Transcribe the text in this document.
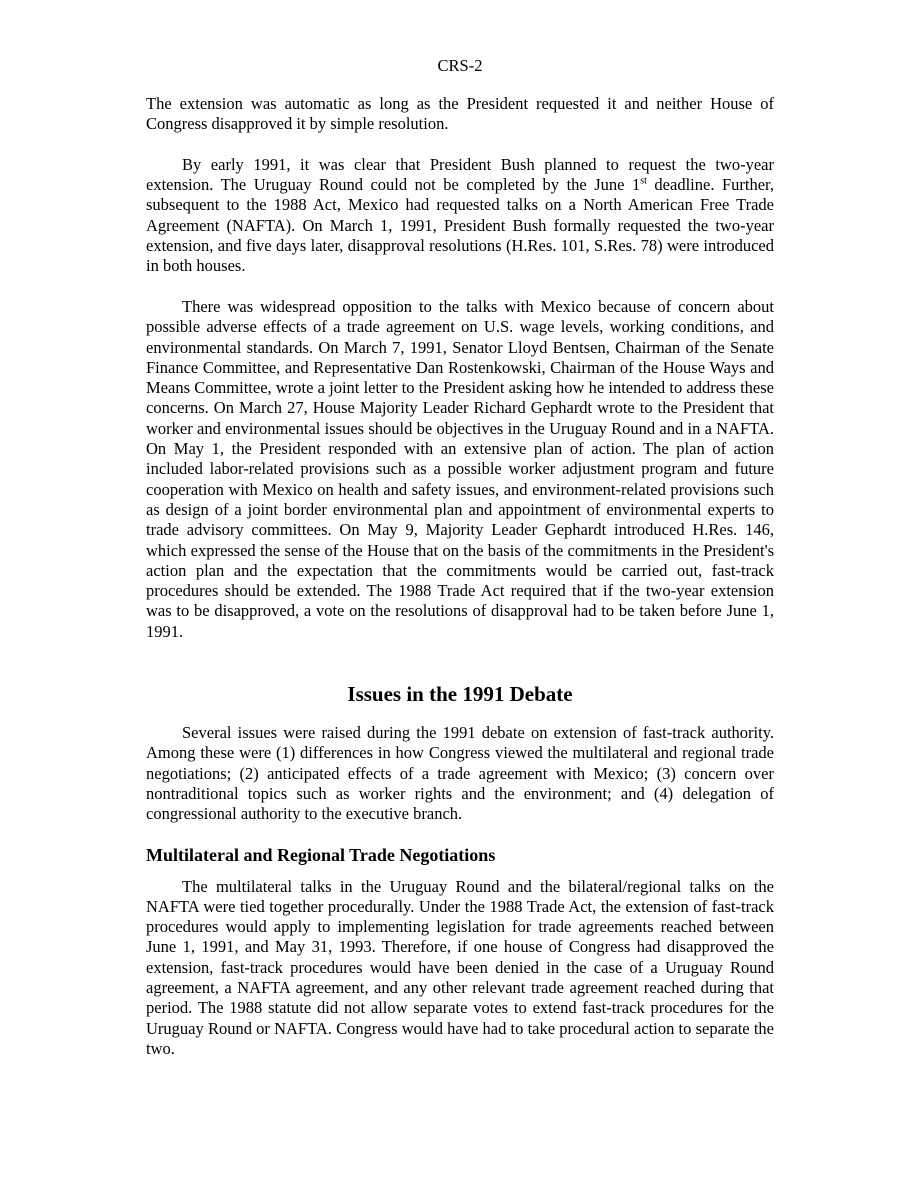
CRS-2

The extension was automatic as long as the President requested it and neither House of Congress disapproved it by simple resolution.

By early 1991, it was clear that President Bush planned to request the two-year extension. The Uruguay Round could not be completed by the June 1st deadline. Further, subsequent to the 1988 Act, Mexico had requested talks on a North American Free Trade Agreement (NAFTA). On March 1, 1991, President Bush formally requested the two-year extension, and five days later, disapproval resolutions (H.Res. 101, S.Res. 78) were introduced in both houses.

There was widespread opposition to the talks with Mexico because of concern about possible adverse effects of a trade agreement on U.S. wage levels, working conditions, and environmental standards. On March 7, 1991, Senator Lloyd Bentsen, Chairman of the Senate Finance Committee, and Representative Dan Rostenkowski, Chairman of the House Ways and Means Committee, wrote a joint letter to the President asking how he intended to address these concerns. On March 27, House Majority Leader Richard Gephardt wrote to the President that worker and environmental issues should be objectives in the Uruguay Round and in a NAFTA. On May 1, the President responded with an extensive plan of action. The plan of action included labor-related provisions such as a possible worker adjustment program and future cooperation with Mexico on health and safety issues, and environment-related provisions such as design of a joint border environmental plan and appointment of environmental experts to trade advisory committees. On May 9, Majority Leader Gephardt introduced H.Res. 146, which expressed the sense of the House that on the basis of the commitments in the President's action plan and the expectation that the commitments would be carried out, fast-track procedures should be extended. The 1988 Trade Act required that if the two-year extension was to be disapproved, a vote on the resolutions of disapproval had to be taken before June 1, 1991.

Issues in the 1991 Debate

Several issues were raised during the 1991 debate on extension of fast-track authority. Among these were (1) differences in how Congress viewed the multilateral and regional trade negotiations; (2) anticipated effects of a trade agreement with Mexico; (3) concern over nontraditional topics such as worker rights and the environment; and (4) delegation of congressional authority to the executive branch.

Multilateral and Regional Trade Negotiations

The multilateral talks in the Uruguay Round and the bilateral/regional talks on the NAFTA were tied together procedurally. Under the 1988 Trade Act, the extension of fast-track procedures would apply to implementing legislation for trade agreements reached between June 1, 1991, and May 31, 1993. Therefore, if one house of Congress had disapproved the extension, fast-track procedures would have been denied in the case of a Uruguay Round agreement, a NAFTA agreement, and any other relevant trade agreement reached during that period. The 1988 statute did not allow separate votes to extend fast-track procedures for the Uruguay Round or NAFTA. Congress would have had to take procedural action to separate the two.
